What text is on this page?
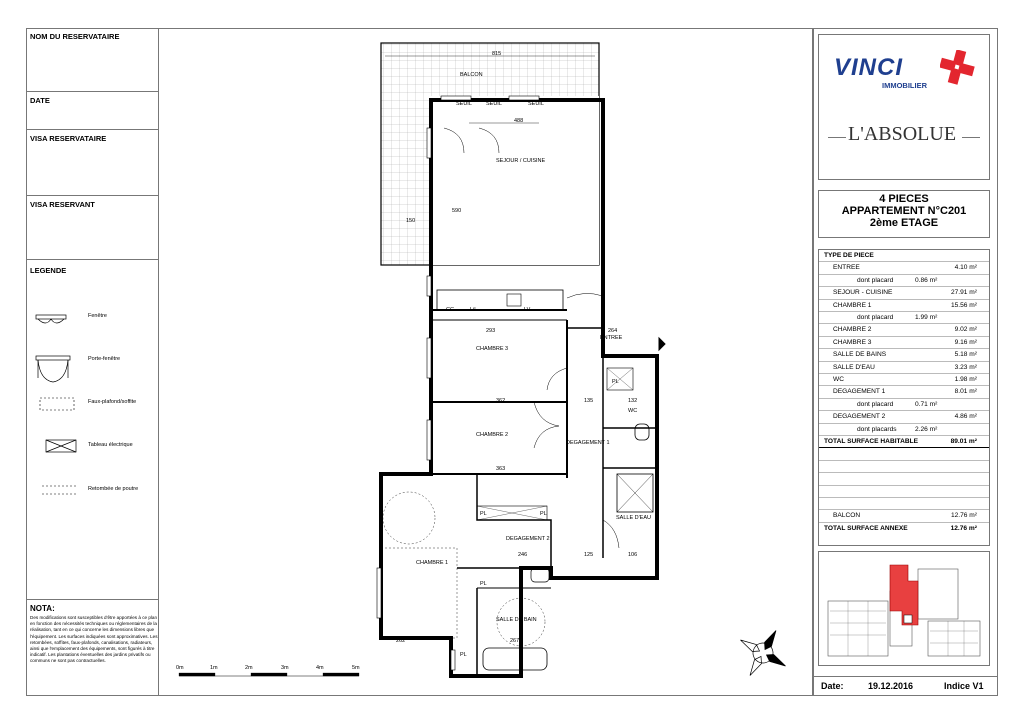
NOM DU RESERVATAIRE
DATE
VISA RESERVATAIRE
VISA RESERVANT
LEGENDE
Fenêtre
Porte-fenêtre
Faux-plafond/soffite
Tableau électrique
Retombée de poutre
NOTA:
Des modifications sont susceptibles d'être apportées à ce plan en fonction des nécessités techniques ou réglementaires de la réalisation, tant en ce qui concerne les dimensions libres que l'équipement. Les surfaces indiquées sont approximatives. Les retombées, soffites, faux-plafonds, canalisations, radiateurs, ainsi que l'emplacement des équipements, sont figurés à titre indicatif. Les plantations éventuelles des jardins privatifs ou communs ne sont pas contractuelles.
BALCON
SEJOUR / CUISINE
CHAMBRE 3
CHAMBRE 2
CHAMBRE 1
ENTREE
WC
SALLE D'EAU
SALLE DE BAIN
DEGAGEMENT 1
DEGAGEMENT 2
ALLEGE
SEUIL	SEUIL	SEUIL
PL
PL	PL
PL
PL
LV
LiL
CG
815
488
150
590
293	264
362
363
135	132
246	125	106
262	267
0m	1m	2m	3m	4m	5m
VINCI
IMMOBILIER
L'ABSOLUE
4 PIECES
APPARTEMENT N°C201
2ème ETAGE
TYPE DE PIECE
ENTREE	4.10 m²
dont placard	0.86 m²
SEJOUR - CUISINE	27.91 m²
CHAMBRE 1	15.56 m²
dont placard	1.99 m²
CHAMBRE 2	9.02 m²
CHAMBRE 3	9.16 m²
SALLE DE BAINS	5.18 m²
SALLE D'EAU	3.23 m²
WC	1.98 m²
DEGAGEMENT 1	8.01 m²
dont placard	0.71 m²
DEGAGEMENT 2	4.86 m²
dont placards	2.26 m²
TOTAL SURFACE HABITABLE	89.01 m²
BALCON	12.76 m²
TOTAL SURFACE ANNEXE	12.76 m²
Date:	19.12.2016	Indice V1
